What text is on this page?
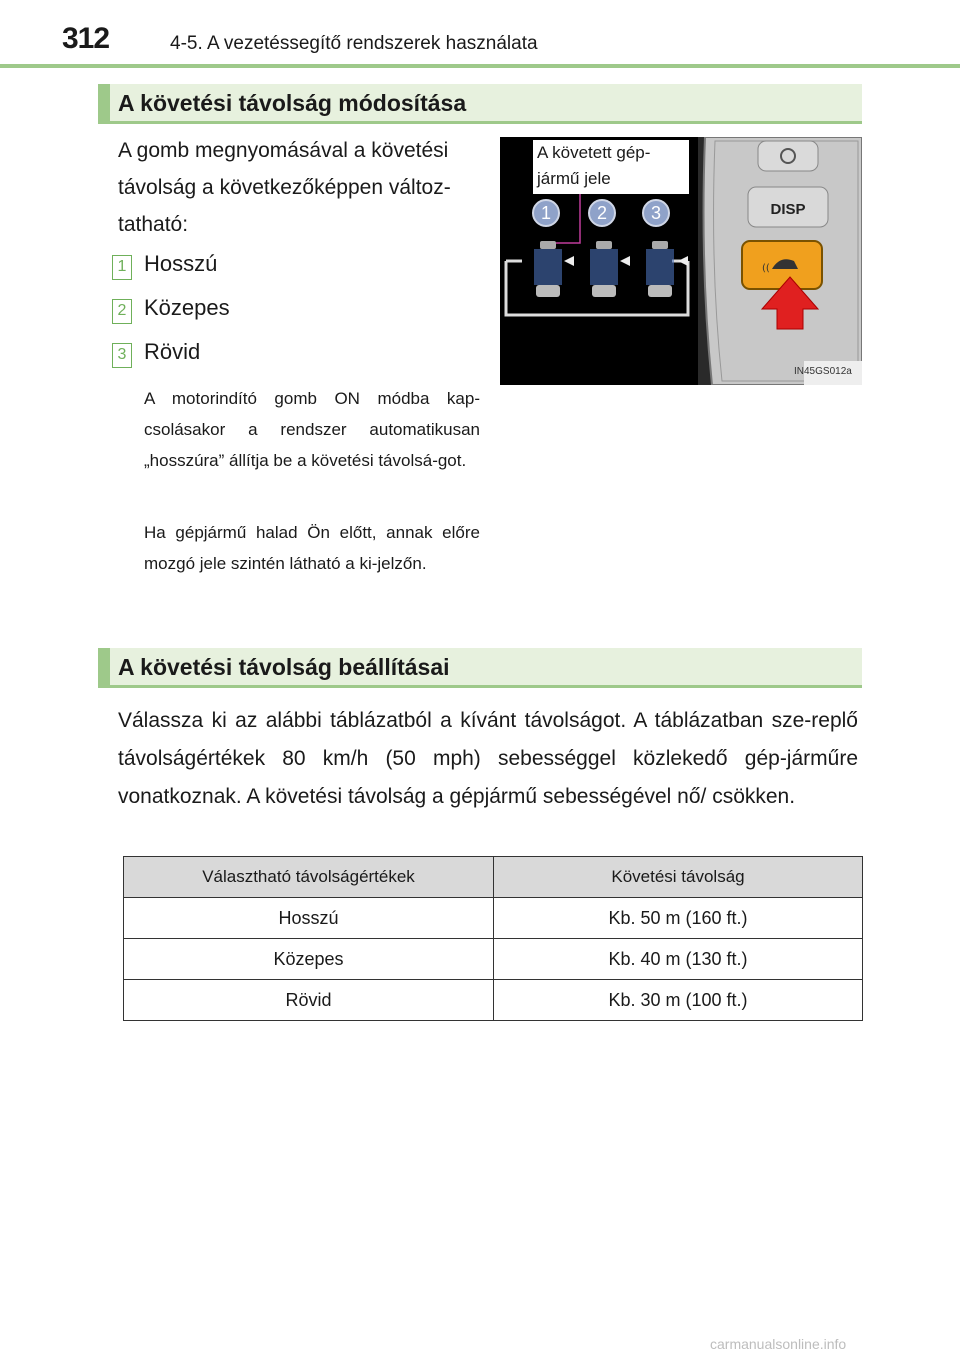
312	4-5. A vezetéssegítő rendszerek használata
A követési távolság módosítása
A gomb megnyomásával a követési
távolság a következőképpen változ-
tatható:
1 Hosszú
2 Közepes
3 Rövid
A motorindító gomb ON módba kap-csolásakor a rendszer automatikusan „hosszúra” állítja be a követési távolsá-got.
Ha gépjármű halad Ön előtt, annak előre mozgó jele szintén látható a ki-jelzőn.
DISP
((
1	2 3
A követett gép-
jármű jele
IN45GS012a
A követési távolság beállításai
Válassza ki az alábbi táblázatból a kívánt távolságot. A táblázatban sze-replő távolságértékek 80 km/h (50 mph) sebességgel közlekedő gép-járműre vonatkoznak. A követési távolság a gépjármű sebességével nő/ csökken.
Választható távolságértékek	Követési távolság
Hosszú	Kb. 50 m (160 ft.)
Közepes	Kb. 40 m (130 ft.)
Rövid	Kb. 30 m (100 ft.)
carmanualsonline.info
